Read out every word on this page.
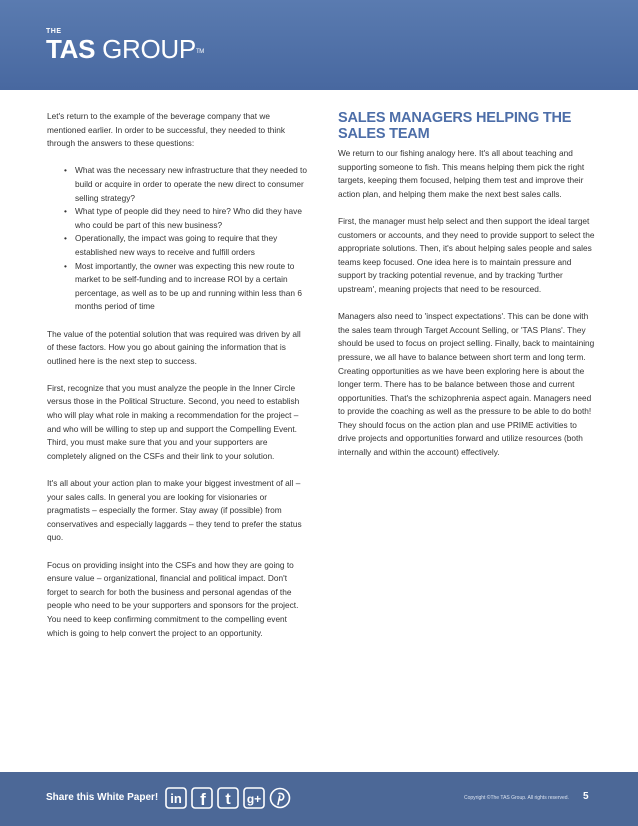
THE
TAS GROUP™

Let's return to the example of the beverage company that we mentioned earlier. In order to be successful, they needed to think through the answers to these questions:

• What was the necessary new infrastructure that they needed to build or acquire in order to operate the new direct to consumer selling strategy?
• What type of people did they need to hire? Who did they have who could be part of this new business?
• Operationally, the impact was going to require that they established new ways to receive and fulfill orders
• Most importantly, the owner was expecting this new route to market to be self-funding and to increase ROI by a certain percentage, as well as to be up and running within less than 6 months period of time

The value of the potential solution that was required was driven by all of these factors. How you go about gaining the information that is outlined here is the next step to success.

First, recognize that you must analyze the people in the Inner Circle versus those in the Political Structure. Second, you need to establish who will play what role in making a recommendation for the project – and who will be willing to step up and support the Compelling Event. Third, you must make sure that you and your supporters are completely aligned on the CSFs and their link to your solution.

It's all about your action plan to make your biggest investment of all – your sales calls. In general you are looking for visionaries or pragmatists – especially the former. Stay away (if possible) from conservatives and especially laggards – they tend to prefer the status quo.

Focus on providing insight into the CSFs and how they are going to ensure value – organizational, financial and political impact. Don't forget to search for both the business and personal agendas of the people who need to be your supporters and sponsors for the project. You need to keep confirming commitment to the compelling event which is going to help convert the project to an opportunity.

SALES MANAGERS HELPING THE SALES TEAM

We return to our fishing analogy here. It's all about teaching and supporting someone to fish. This means helping them pick the right targets, keeping them focused, helping them test and improve their action plan, and helping them make the next best sales calls.

First, the manager must help select and then support the ideal target customers or accounts, and they need to provide support to select the appropriate solutions. Then, it's about helping sales people and sales teams keep focused. One idea here is to maintain pressure and support by tracking potential revenue, and by tracking 'further upstream', meaning projects that need to be resourced.

Managers also need to 'inspect expectations'. This can be done with the sales team through Target Account Selling, or 'TAS Plans'. They should be used to focus on project selling. Finally, back to maintaining pressure, we all have to balance between short term and long term. Creating opportunities as we have been exploring here is about the longer term. There has to be balance between those and current opportunities. That's the schizophrenia aspect again. Managers need to provide the coaching as well as the pressure to be able to do both! They should focus on the action plan and use PRIME activities to drive projects and opportunities forward and utilize resources (both internally and within the account) effectively.

Share this White Paper! in f t g+	Copyright ©The TAS Group. All rights reserved. 5
